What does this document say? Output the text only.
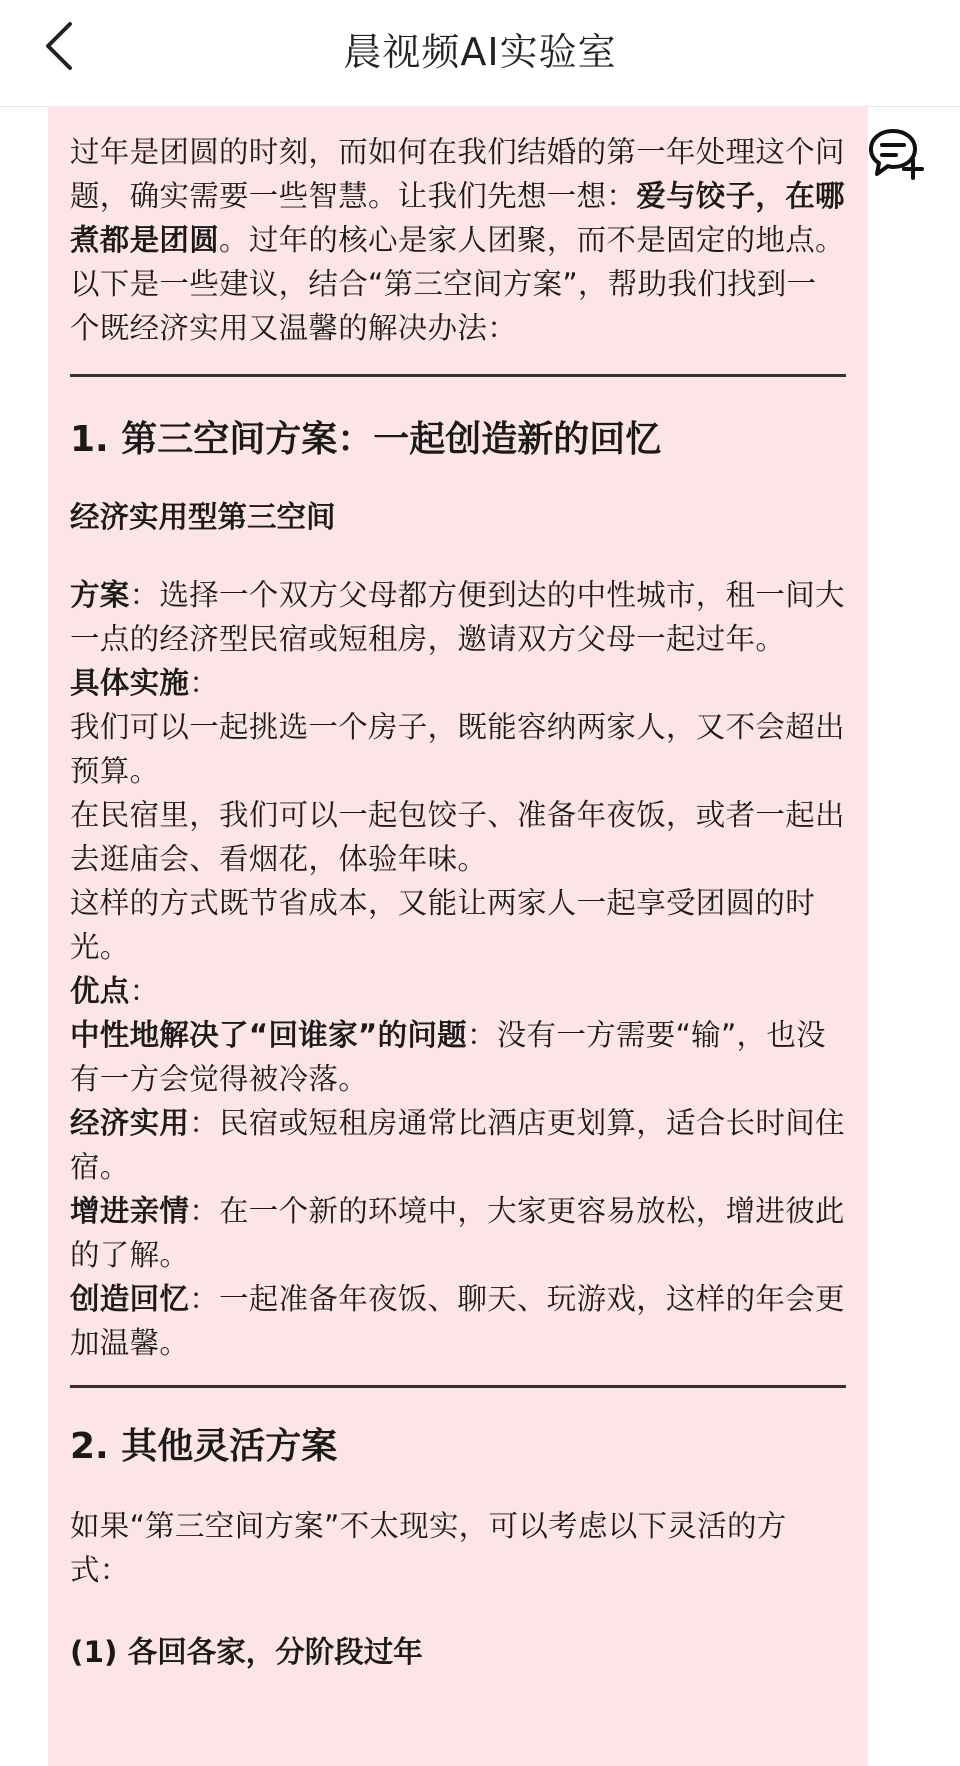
晨视频AI实验室

过年是团圆的时刻，而如何在我们结婚的第一年处理这个问题，确实需要一些智慧。让我们先想一想：爱与饺子，在哪煮都是团圆。过年的核心是家人团聚，而不是固定的地点。以下是一些建议，结合“第三空间方案”，帮助我们找到一个既经济实用又温馨的解决办法：

1. 第三空间方案：一起创造新的回忆
经济实用型第三空间

方案：选择一个双方父母都方便到达的中性城市，租一间大一点的经济型民宿或短租房，邀请双方父母一起过年。

具体实施：

我们可以一起挑选一个房子，既能容纳两家人，又不会超出预算。

在民宿里，我们可以一起包饺子、准备年夜饭，或者一起出去逛庙会、看烟花，体验年味。

这样的方式既节省成本，又能让两家人一起享受团圆的时光。

优点：

中性地解决了“回谁家”的问题：没有一方需要“输”，也没有一方会觉得被冷落。

经济实用：民宿或短租房通常比酒店更划算，适合长时间住宿。

增进亲情：在一个新的环境中，大家更容易放松，增进彼此的了解。

创造回忆：一起准备年夜饭、聊天、玩游戏，这样的年会更加温馨。

2. 其他灵活方案

如果“第三空间方案”不太现实，可以考虑以下灵活的方式：

(1) 各回各家，分阶段过年
